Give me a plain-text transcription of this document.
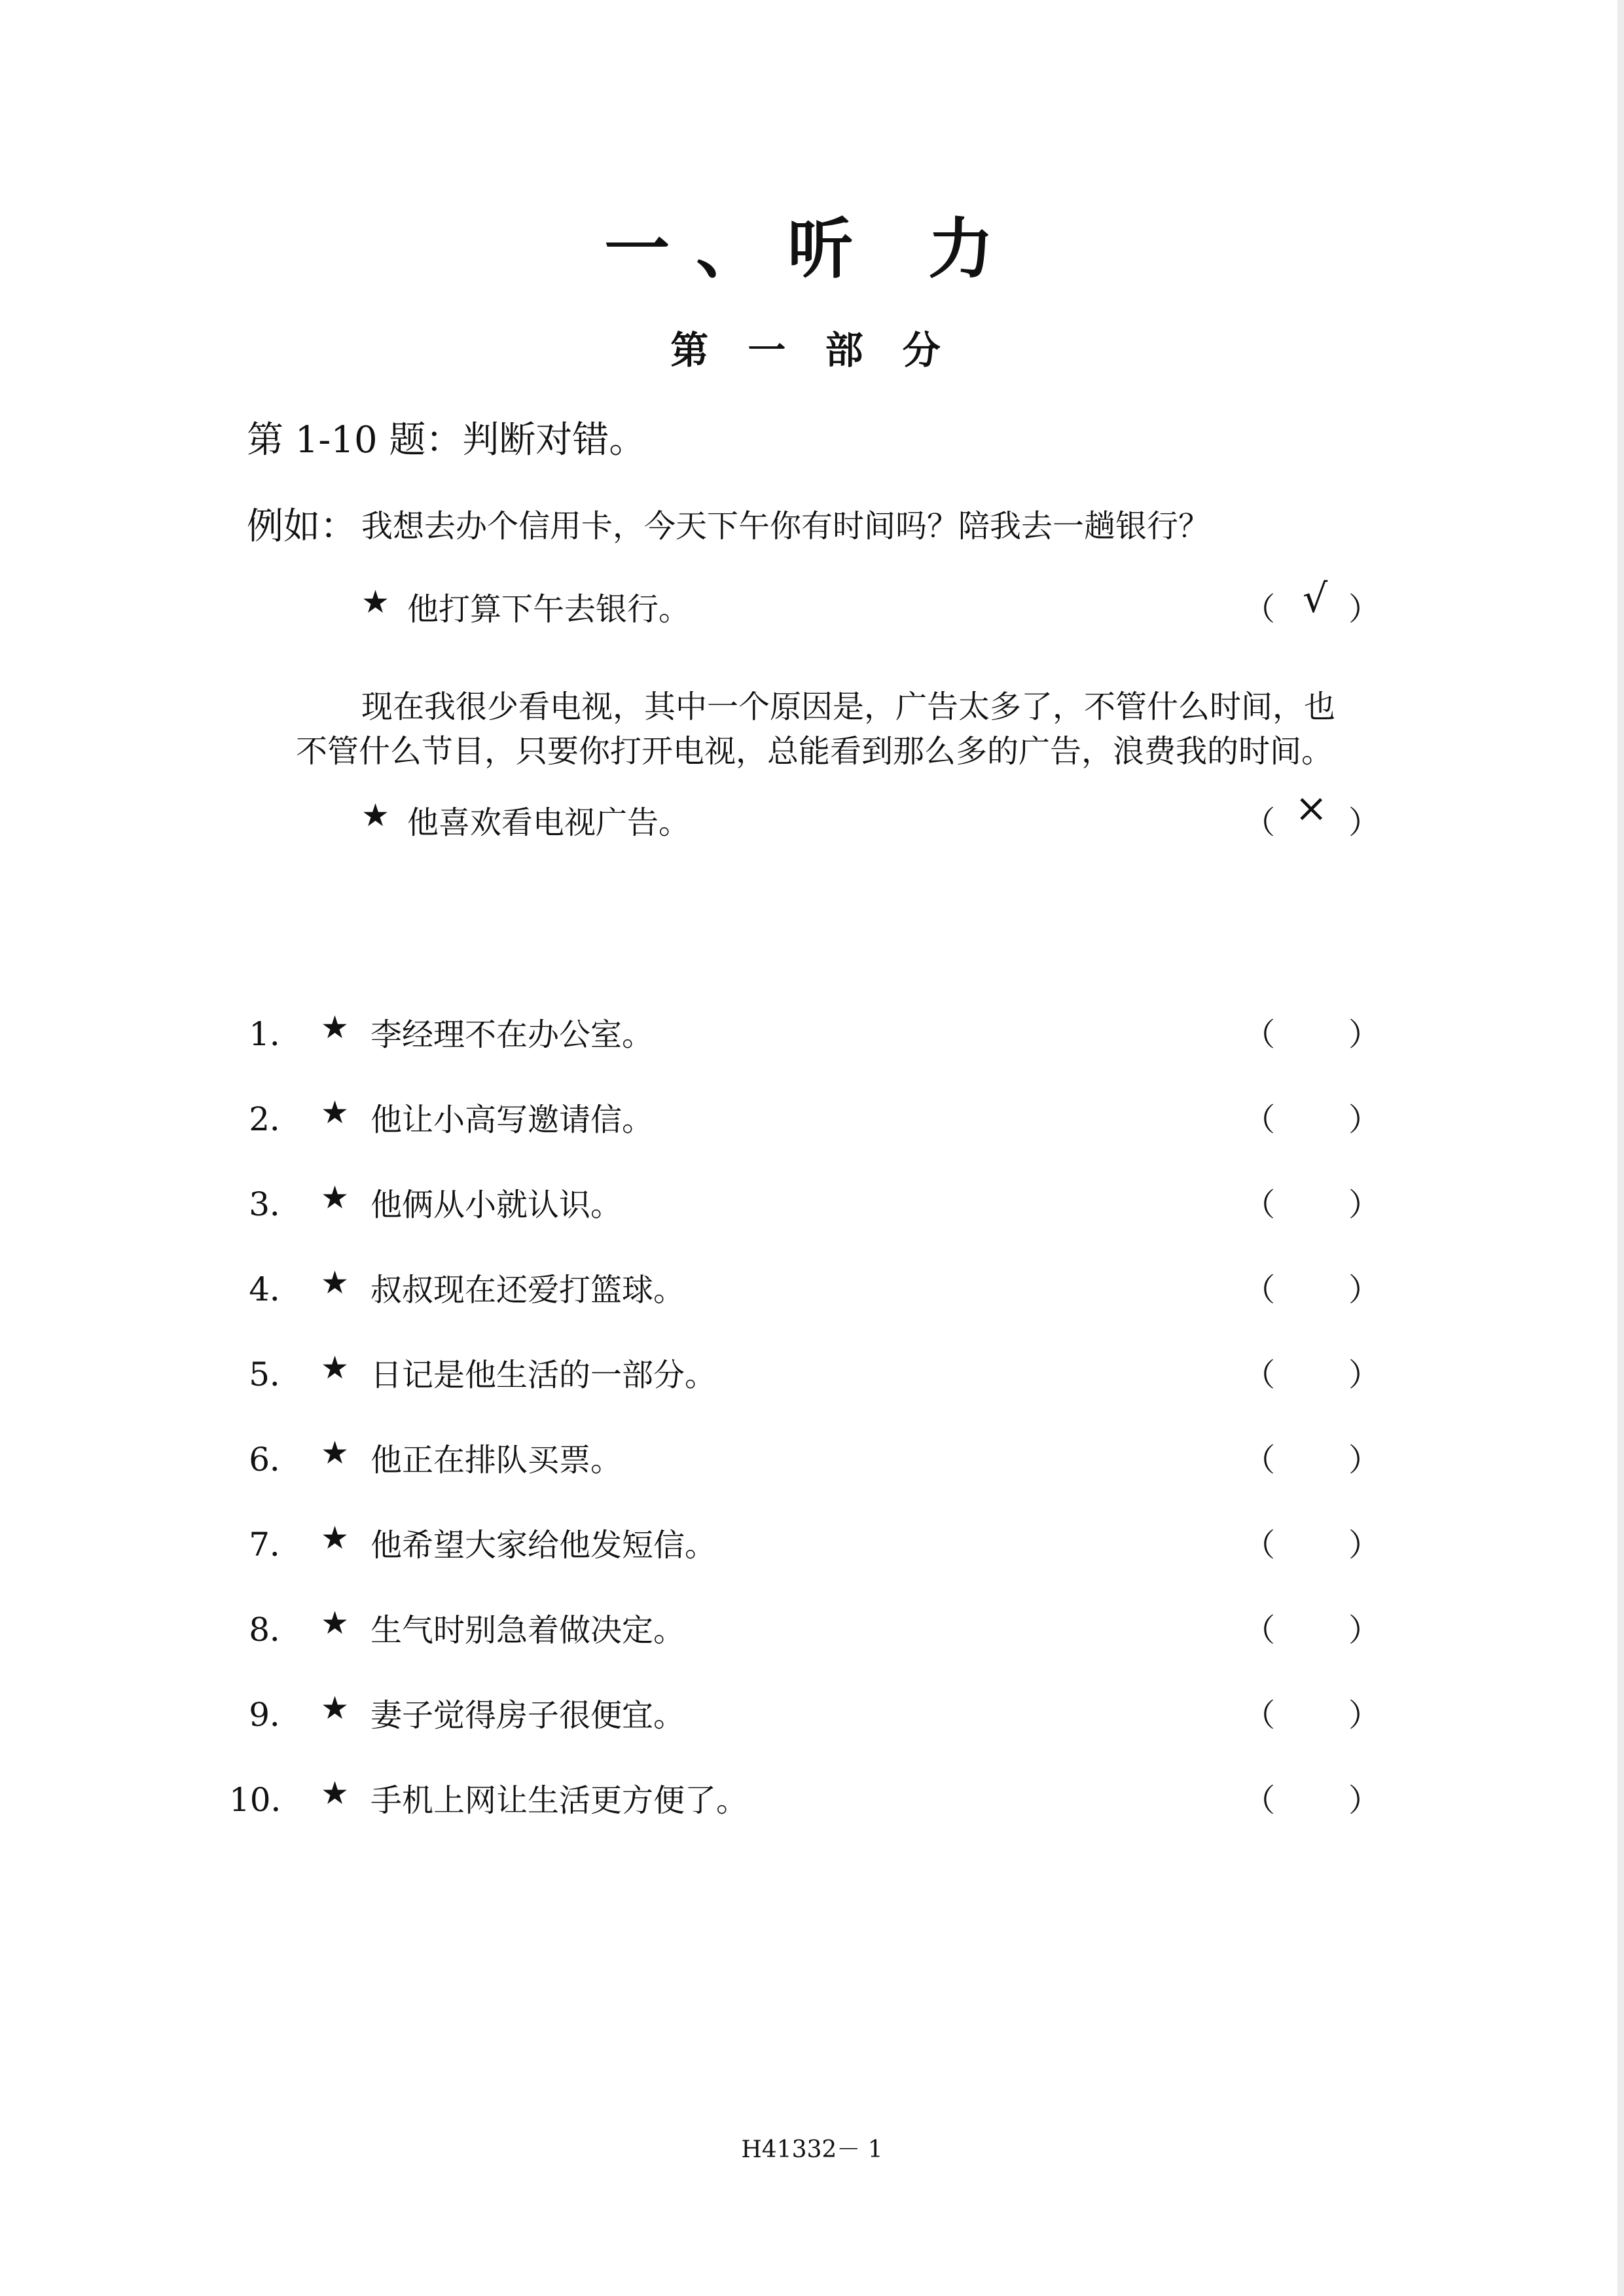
一、听 力
第 一 部 分
第 1-10 题：判断对错。
例如： 我想去办个信用卡，今天下午你有时间吗？陪我去一趟银行？
★ 他打算下午去银行。	（ √ ）

现在我很少看电视，其中一个原因是，广告太多了，不管什么时间，也

不管什么节目，只要你打开电视，总能看到那么多的广告，浪费我的时间。

★ 他喜欢看电视广告。	（ × ）
1． ★ 李经理不在办公室。	（ ）
2． ★ 他让小高写邀请信。	（ ）
3． ★ 他俩从小就认识。	（ ）
4． ★ 叔叔现在还爱打篮球。	（ ）
5． ★ 日记是他生活的一部分。	（ ）
6． ★ 他正在排队买票。	（ ）
7． ★ 他希望大家给他发短信。	（ ）
8． ★ 生气时别急着做决定。	（ ）
9． ★ 妻子觉得房子很便宜。	（ ）
10． ★ 手机上网让生活更方便了。	（ ）
H41332－ 1
